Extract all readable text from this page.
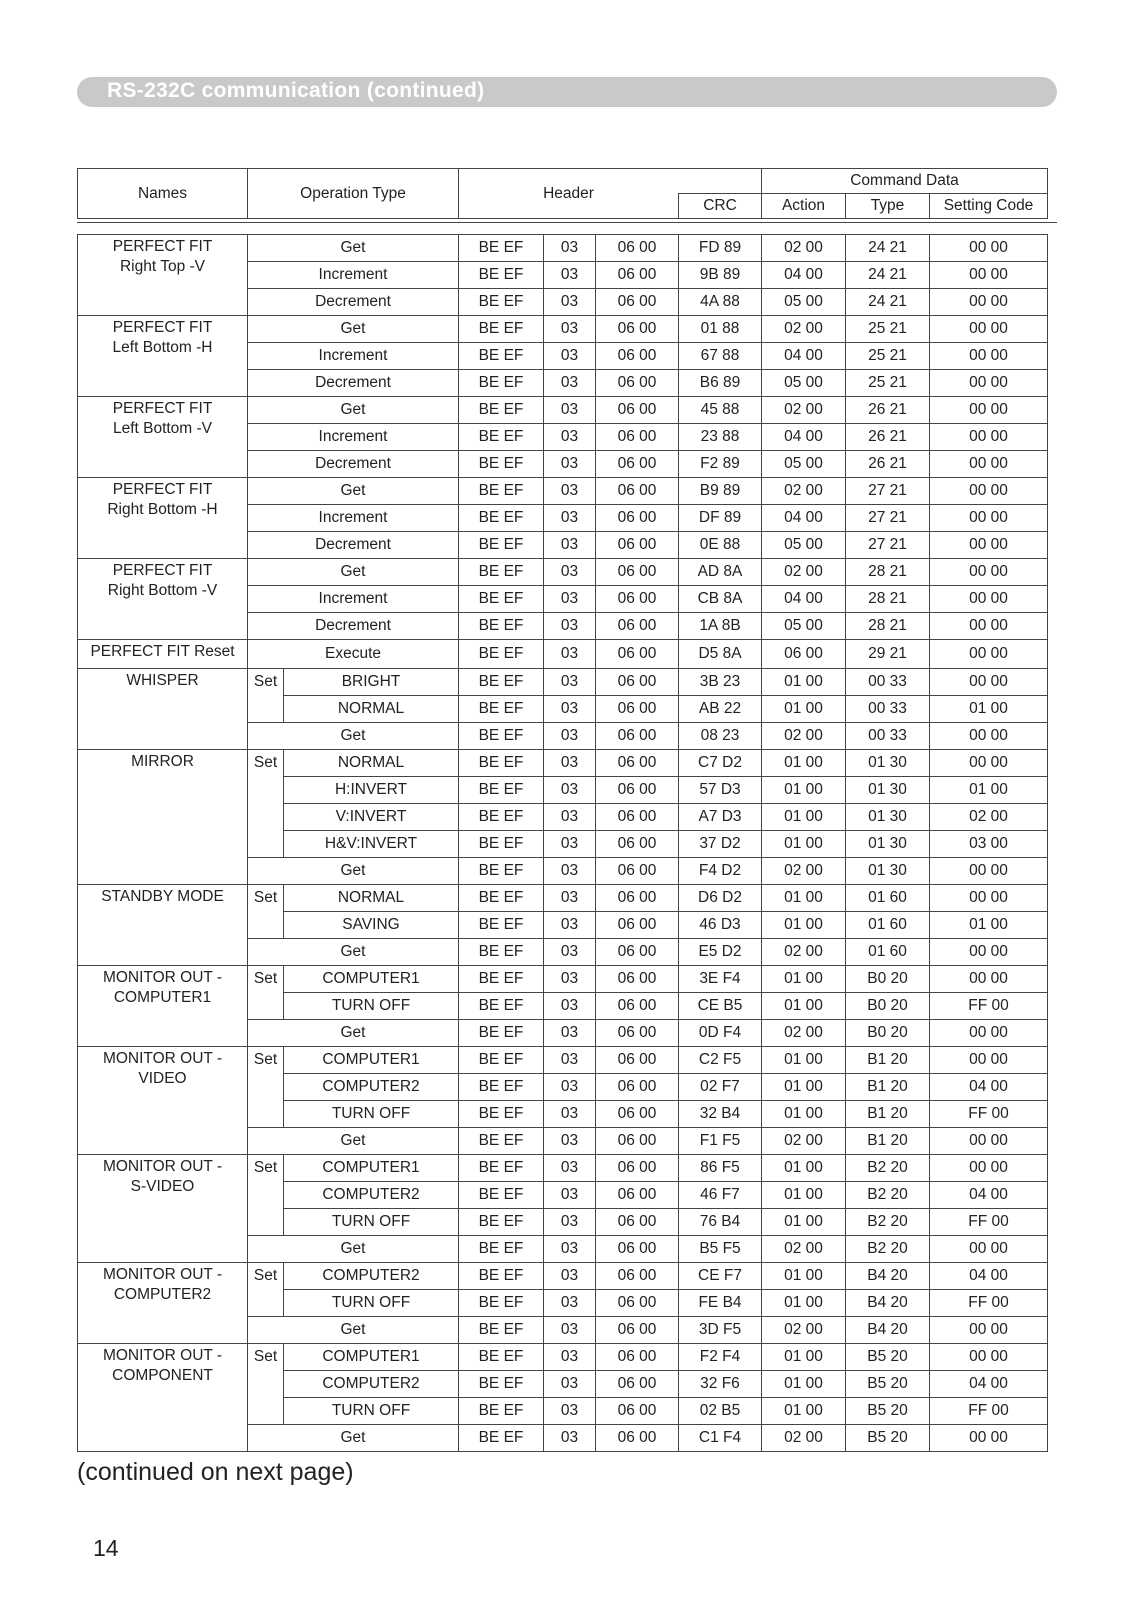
RS-232C communication (continued)
Names	Operation Type	Header		Command Data		
			CRC	Action	Type	Setting Code
PERFECT FIT
Right Top -V	Get		BE EF	03	06 00	FD 89	02 00	24 21	00 00
	Increment		BE EF	03	06 00	9B 89	04 00	24 21	00 00
	Decrement		BE EF	03	06 00	4A 88	05 00	24 21	00 00
PERFECT FIT
Left Bottom -H	Get		BE EF	03	06 00	01 88	02 00	25 21	00 00
	Increment		BE EF	03	06 00	67 88	04 00	25 21	00 00
	Decrement		BE EF	03	06 00	B6 89	05 00	25 21	00 00
PERFECT FIT
Left Bottom -V	Get		BE EF	03	06 00	45 88	02 00	26 21	00 00
	Increment		BE EF	03	06 00	23 88	04 00	26 21	00 00
	Decrement		BE EF	03	06 00	F2 89	05 00	26 21	00 00
PERFECT FIT
Right Bottom -H	Get		BE EF	03	06 00	B9 89	02 00	27 21	00 00
	Increment		BE EF	03	06 00	DF 89	04 00	27 21	00 00
	Decrement		BE EF	03	06 00	0E 88	05 00	27 21	00 00
PERFECT FIT
Right Bottom -V	Get		BE EF	03	06 00	AD 8A	02 00	28 21	00 00
	Increment		BE EF	03	06 00	CB 8A	04 00	28 21	00 00
	Decrement		BE EF	03	06 00	1A 8B	05 00	28 21	00 00
PERFECT FIT Reset	Execute		BE EF	03	06 00	D5 8A	06 00	29 21	00 00
WHISPER	Set	BRIGHT	BE EF	03	06 00	3B 23	01 00	00 33	00 00
		NORMAL	BE EF	03	06 00	AB 22	01 00	00 33	01 00
	Get		BE EF	03	06 00	08 23	02 00	00 33	00 00
MIRROR	Set	NORMAL	BE EF	03	06 00	C7 D2	01 00	01 30	00 00
		H:INVERT	BE EF	03	06 00	57 D3	01 00	01 30	01 00
		V:INVERT	BE EF	03	06 00	A7 D3	01 00	01 30	02 00
		H&V:INVERT	BE EF	03	06 00	37 D2	01 00	01 30	03 00
	Get		BE EF	03	06 00	F4 D2	02 00	01 30	00 00
STANDBY MODE	Set	NORMAL	BE EF	03	06 00	D6 D2	01 00	01 60	00 00
		SAVING	BE EF	03	06 00	46 D3	01 00	01 60	01 00
	Get		BE EF	03	06 00	E5 D2	02 00	01 60	00 00
MONITOR OUT -
COMPUTER1	Set	COMPUTER1	BE EF	03	06 00	3E F4	01 00	B0 20	00 00
		TURN OFF	BE EF	03	06 00	CE B5	01 00	B0 20	FF 00
	Get		BE EF	03	06 00	0D F4	02 00	B0 20	00 00
MONITOR OUT -
VIDEO	Set	COMPUTER1	BE EF	03	06 00	C2 F5	01 00	B1 20	00 00
		COMPUTER2	BE EF	03	06 00	02 F7	01 00	B1 20	04 00
		TURN OFF	BE EF	03	06 00	32 B4	01 00	B1 20	FF 00
	Get		BE EF	03	06 00	F1 F5	02 00	B1 20	00 00
MONITOR OUT -
S-VIDEO	Set	COMPUTER1	BE EF	03	06 00	86 F5	01 00	B2 20	00 00
		COMPUTER2	BE EF	03	06 00	46 F7	01 00	B2 20	04 00
		TURN OFF	BE EF	03	06 00	76 B4	01 00	B2 20	FF 00
	Get		BE EF	03	06 00	B5 F5	02 00	B2 20	00 00
MONITOR OUT -
COMPUTER2	Set	COMPUTER2	BE EF	03	06 00	CE F7	01 00	B4 20	04 00
		TURN OFF	BE EF	03	06 00	FE B4	01 00	B4 20	FF 00
	Get		BE EF	03	06 00	3D F5	02 00	B4 20	00 00
MONITOR OUT -
COMPONENT	Set	COMPUTER1	BE EF	03	06 00	F2 F4	01 00	B5 20	00 00
		COMPUTER2	BE EF	03	06 00	32 F6	01 00	B5 20	04 00
		TURN OFF	BE EF	03	06 00	02 B5	01 00	B5 20	FF 00
	Get		BE EF	03	06 00	C1 F4	02 00	B5 20	00 00
(continued on next page)
14
